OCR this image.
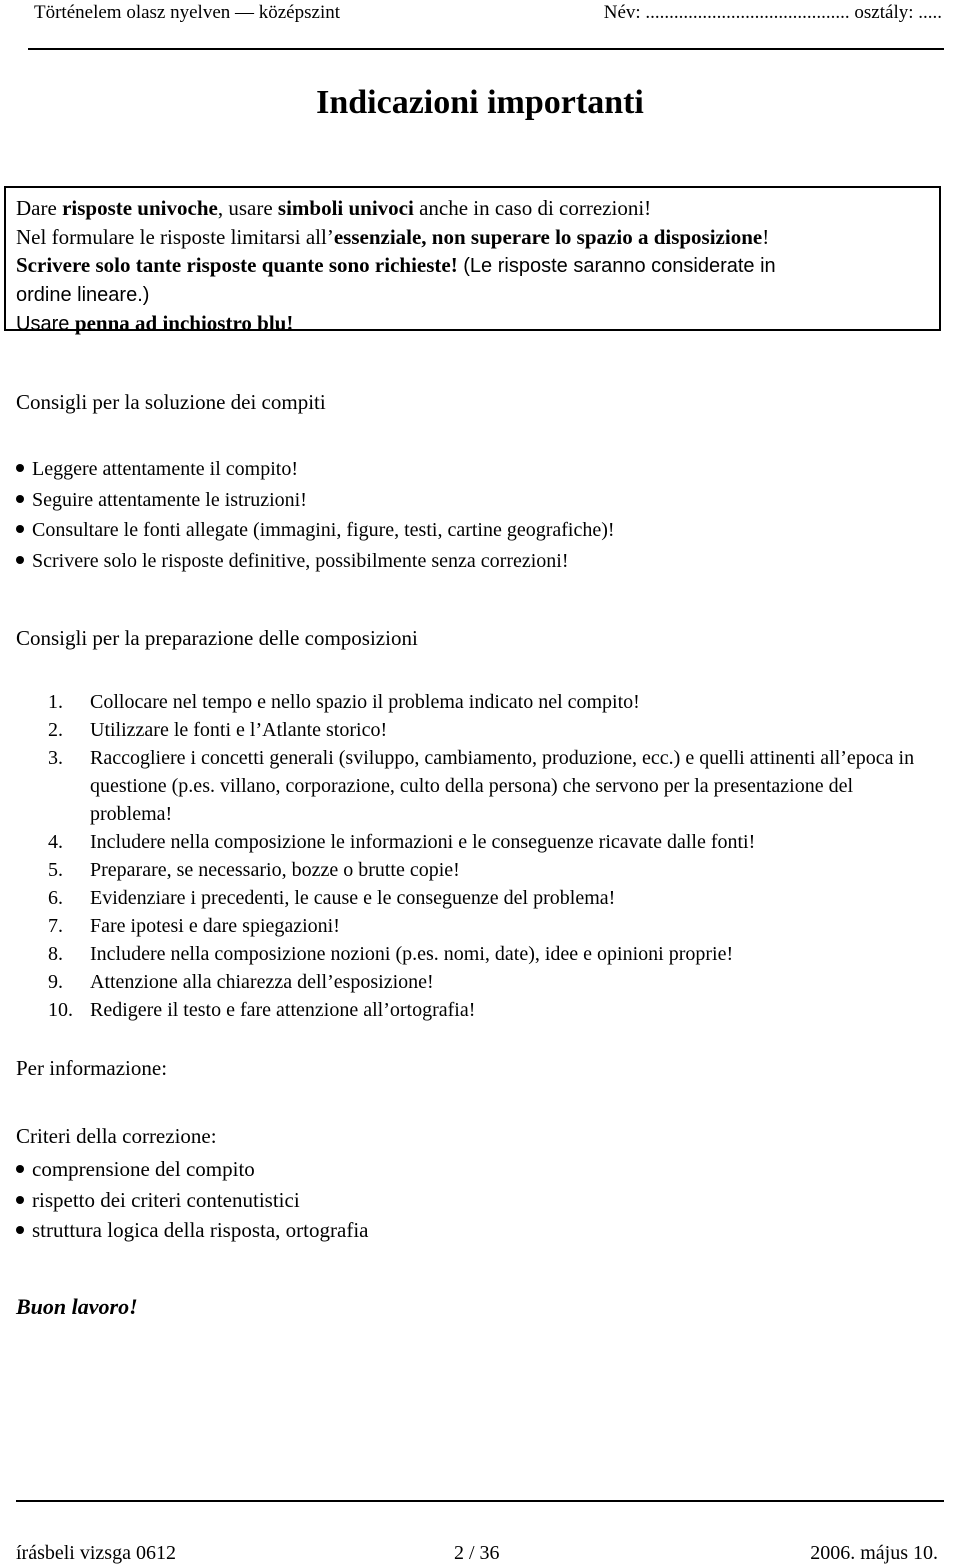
Történelem olasz nyelven — középszint	Név: ........................................... osztály: .....
Indicazioni importanti

Dare risposte univoche, usare simboli univoci anche in caso di correzioni!

Nel formulare le risposte limitarsi all’essenziale, non superare lo spazio a disposizione!

Scrivere solo tante risposte quante sono richieste! (Le risposte saranno considerate in

ordine lineare.)

Usare penna ad inchiostro blu!

Consigli per la soluzione dei compiti
Leggere attentamente il compito!
Seguire attentamente le istruzioni!
Consultare le fonti allegate (immagini, figure, testi, cartine geografiche)!
Scrivere solo le risposte definitive, possibilmente senza correzioni!
Consigli per la preparazione delle composizioni
1.	Collocare nel tempo e nello spazio il problema indicato nel compito!
2.	Utilizzare le fonti e l’Atlante storico!
3.	Raccogliere i concetti generali (sviluppo, cambiamento, produzione, ecc.) e quelli attinenti all’epoca in questione (p.es. villano, corporazione, culto della persona) che servono per la presentazione del problema!
4.	Includere nella composizione le informazioni e le conseguenze ricavate dalle fonti!
5.	Preparare, se necessario, bozze o brutte copie!
6.	Evidenziare i precedenti, le cause e le conseguenze del problema!
7.	Fare ipotesi e dare spiegazioni!
8.	Includere nella composizione nozioni (p.es. nomi, date), idee e opinioni proprie!
9.	Attenzione alla chiarezza dell’esposizione!
10. Redigere il testo e fare attenzione all’ortografia!
Per informazione:
Criteri della correzione:
comprensione del compito
rispetto dei criteri contenutistici
struttura logica della risposta, ortografia
Buon lavoro!
írásbeli vizsga 0612	2 / 36	2006. május 10.
